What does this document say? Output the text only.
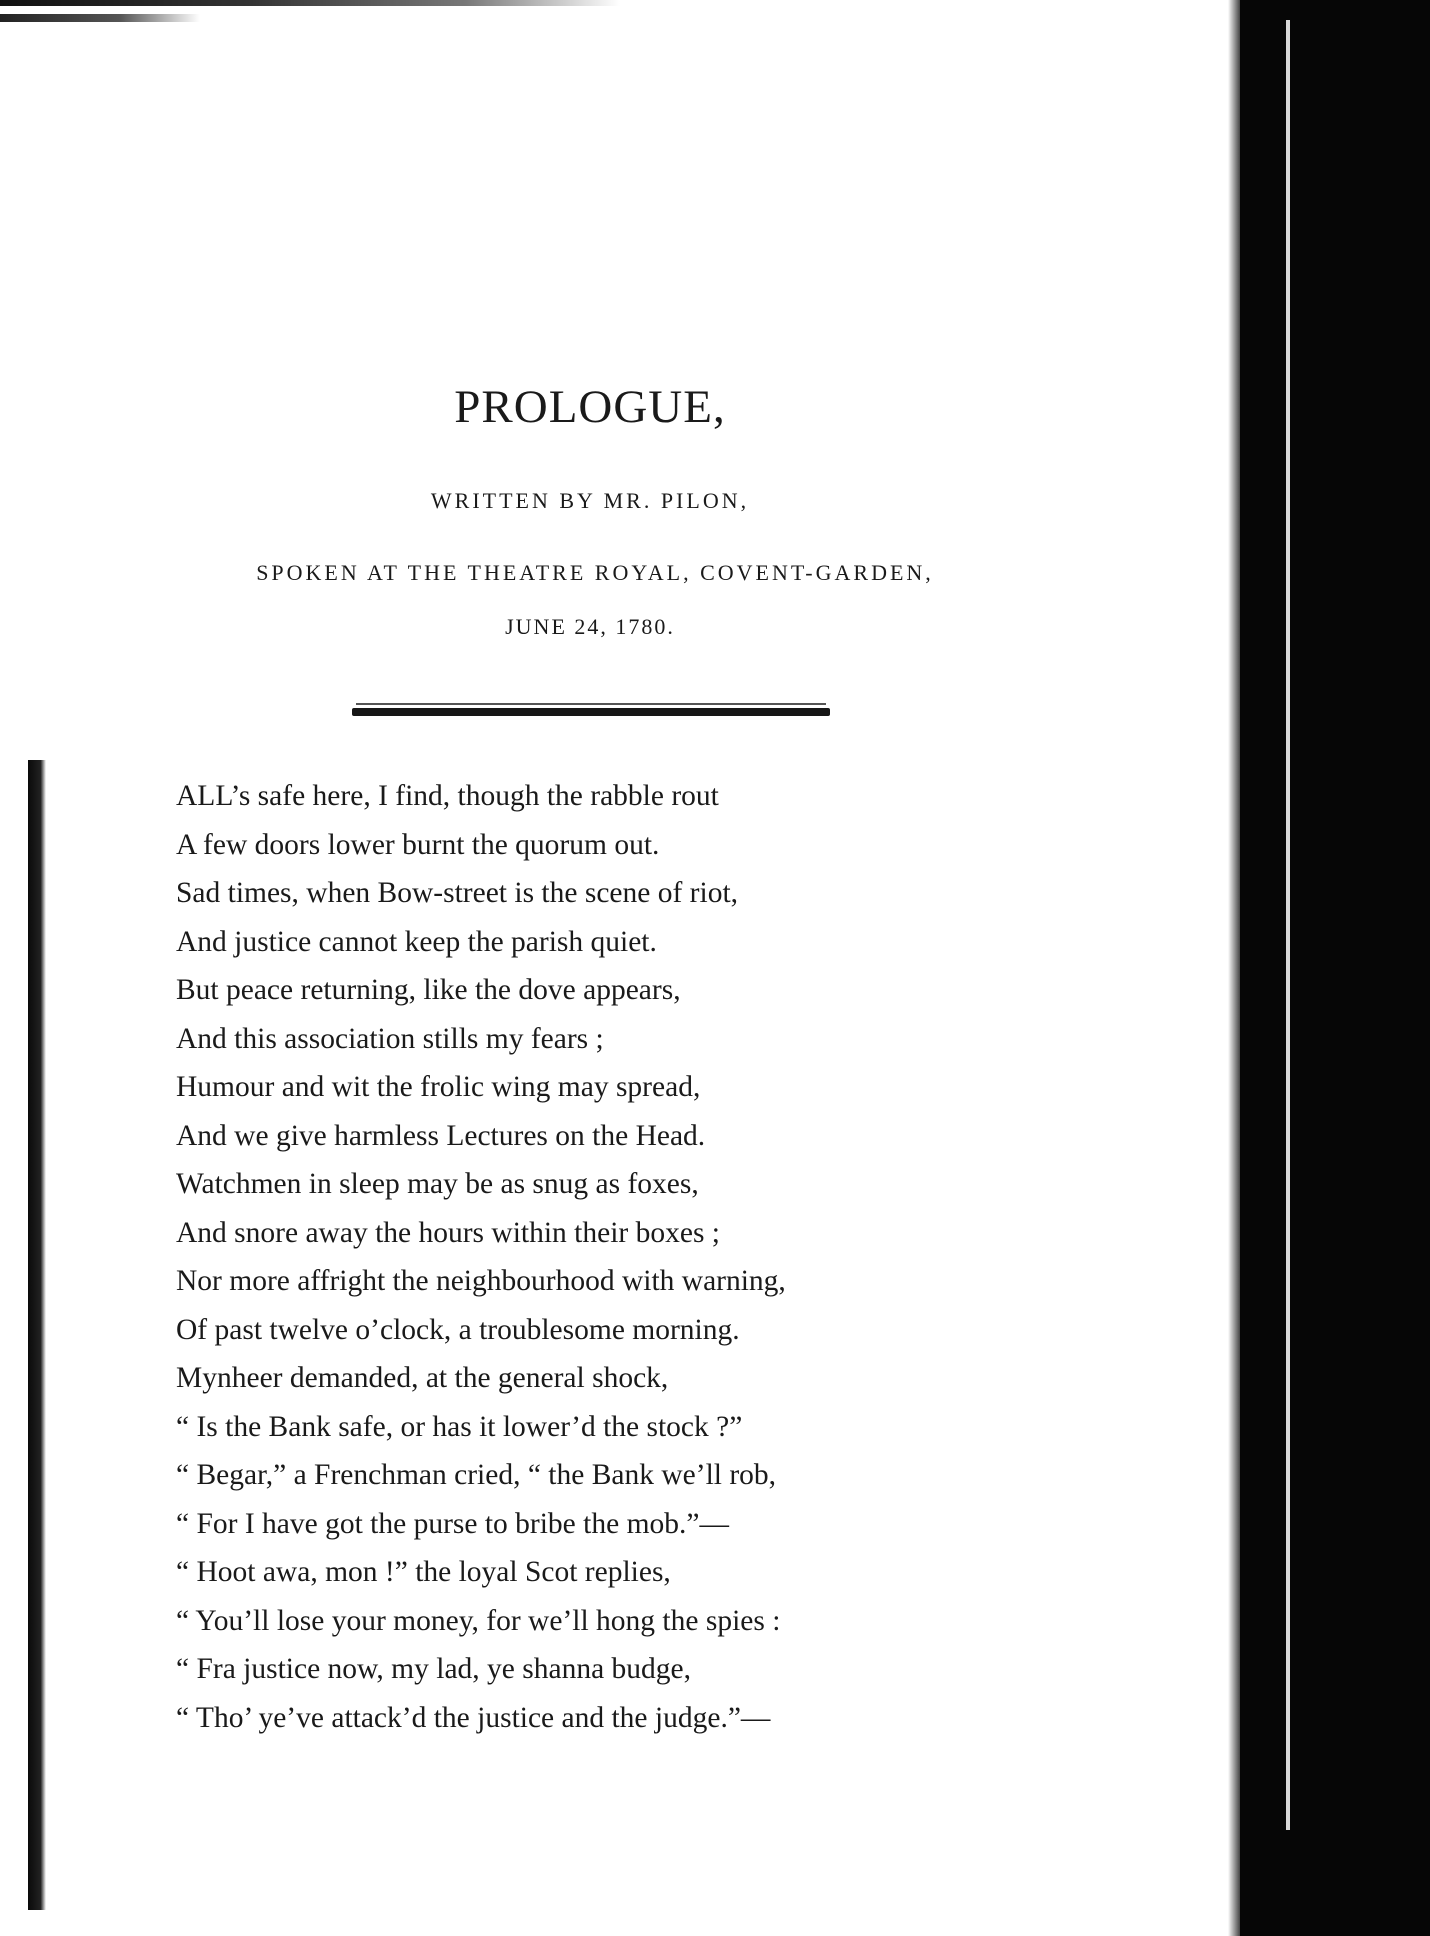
PROLOGUE,

WRITTEN BY MR. PILON,

SPOKEN AT THE THEATRE ROYAL, COVENT-GARDEN,

JUNE 24, 1780.

ALL’s safe here, I find, though the rabble rout
A few doors lower burnt the quorum out.
Sad times, when Bow-street is the scene of riot,
And justice cannot keep the parish quiet.
But peace returning, like the dove appears,
And this association stills my fears ;
Humour and wit the frolic wing may spread,
And we give harmless Lectures on the Head.
Watchmen in sleep may be as snug as foxes,
And snore away the hours within their boxes ;
Nor more affright the neighbourhood with warning,
Of past twelve o’clock, a troublesome morning.
Mynheer demanded, at the general shock,
“ Is the Bank safe, or has it lower’d the stock ?”
“ Begar,” a Frenchman cried, “ the Bank we’ll rob,
“ For I have got the purse to bribe the mob.”—
“ Hoot awa, mon !” the loyal Scot replies,
“ You’ll lose your money, for we’ll hong the spies :
“ Fra justice now, my lad, ye shanna budge,
“ Tho’ ye’ve attack’d the justice and the judge.”—
